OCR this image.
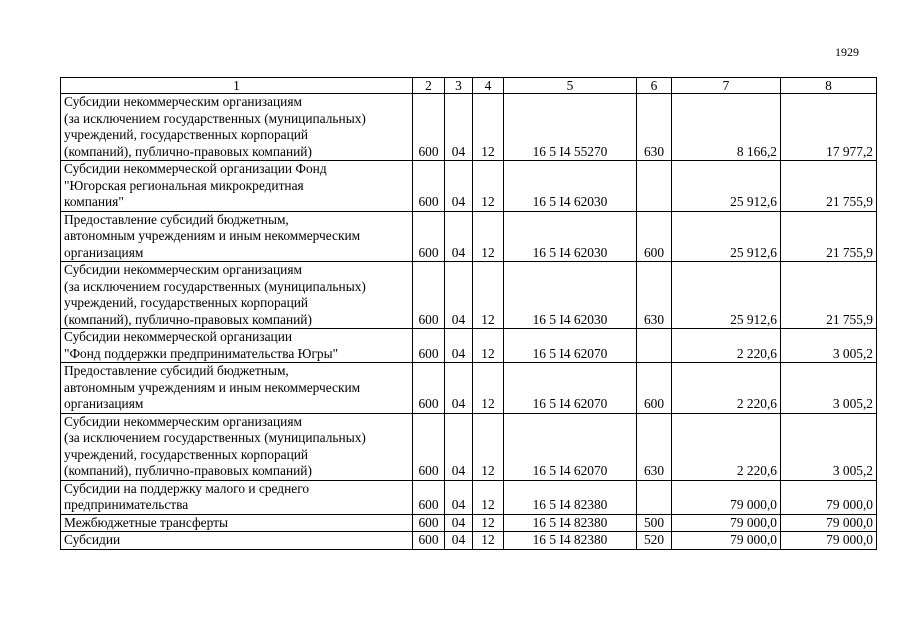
1929
1	2	3	4	5	6	7	8
Субсидии некоммерческим организациям
(за исключением государственных (муниципальных)
учреждений, государственных корпораций
(компаний), публично-правовых компаний)	600	04	12	16 5 I4 55270	630	8 166,2	17 977,2
Субсидии некоммерческой организации Фонд
"Югорская региональная микрокредитная
компания"	600	04	12	16 5 I4 62030		25 912,6	21 755,9
Предоставление субсидий бюджетным,
автономным учреждениям и иным некоммерческим
организациям	600	04	12	16 5 I4 62030	600	25 912,6	21 755,9
Субсидии некоммерческим организациям
(за исключением государственных (муниципальных)
учреждений, государственных корпораций
(компаний), публично-правовых компаний)	600	04	12	16 5 I4 62030	630	25 912,6	21 755,9
Субсидии некоммерческой организации
"Фонд поддержки предпринимательства Югры"	600	04	12	16 5 I4 62070		2 220,6	3 005,2
Предоставление субсидий бюджетным,
автономным учреждениям и иным некоммерческим
организациям	600	04	12	16 5 I4 62070	600	2 220,6	3 005,2
Субсидии некоммерческим организациям
(за исключением государственных (муниципальных)
учреждений, государственных корпораций
(компаний), публично-правовых компаний)	600	04	12	16 5 I4 62070	630	2 220,6	3 005,2
Субсидии на поддержку малого и среднего
предпринимательства	600	04	12	16 5 I4 82380		79 000,0	79 000,0
Межбюджетные трансферты	600	04	12	16 5 I4 82380	500	79 000,0	79 000,0
Субсидии	600	04	12	16 5 I4 82380	520	79 000,0	79 000,0
